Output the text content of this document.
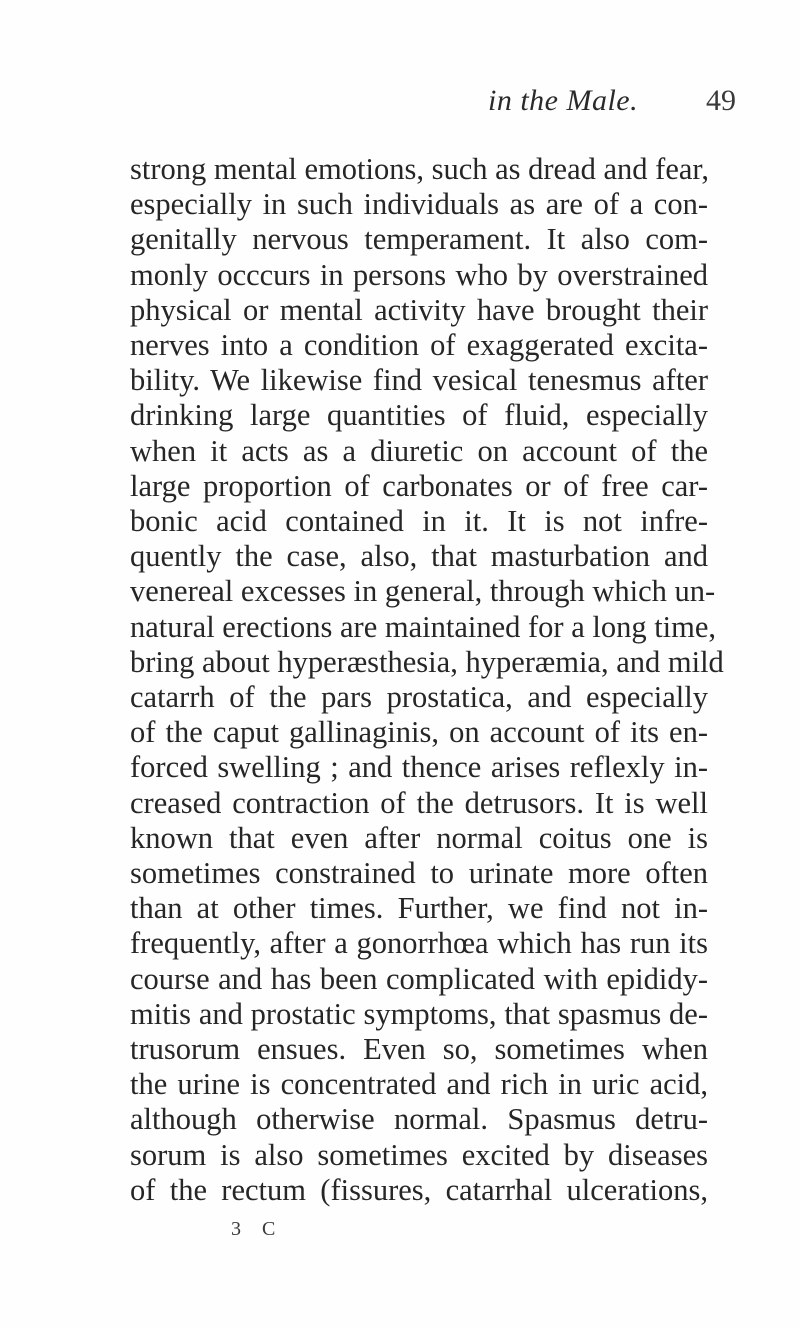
in the Male. 49
strong mental emotions, such as dread and fear,
especially in such individuals as are of a con-
genitally nervous temperament. It also com-
monly occcurs in persons who by overstrained
physical or mental activity have brought their
nerves into a condition of exaggerated excita-
bility. We likewise find vesical tenesmus after
drinking large quantities of fluid, especially
when it acts as a diuretic on account of the
large proportion of carbonates or of free car-
bonic acid contained in it. It is not infre-
quently the case, also, that masturbation and
venereal excesses in general, through which un-
natural erections are maintained for a long time,
bring about hyperæsthesia, hyperæmia, and mild
catarrh of the pars prostatica, and especially
of the caput gallinaginis, on account of its en-
forced swelling ; and thence arises reflexly in-
creased contraction of the detrusors. It is well
known that even after normal coitus one is
sometimes constrained to urinate more often
than at other times. Further, we find not in-
frequently, after a gonorrhœa which has run its
course and has been complicated with epididy-
mitis and prostatic symptoms, that spasmus de-
trusorum ensues. Even so, sometimes when
the urine is concentrated and rich in uric acid,
although otherwise normal. Spasmus detru-
sorum is also sometimes excited by diseases
of the rectum (fissures, catarrhal ulcerations,
3 C
